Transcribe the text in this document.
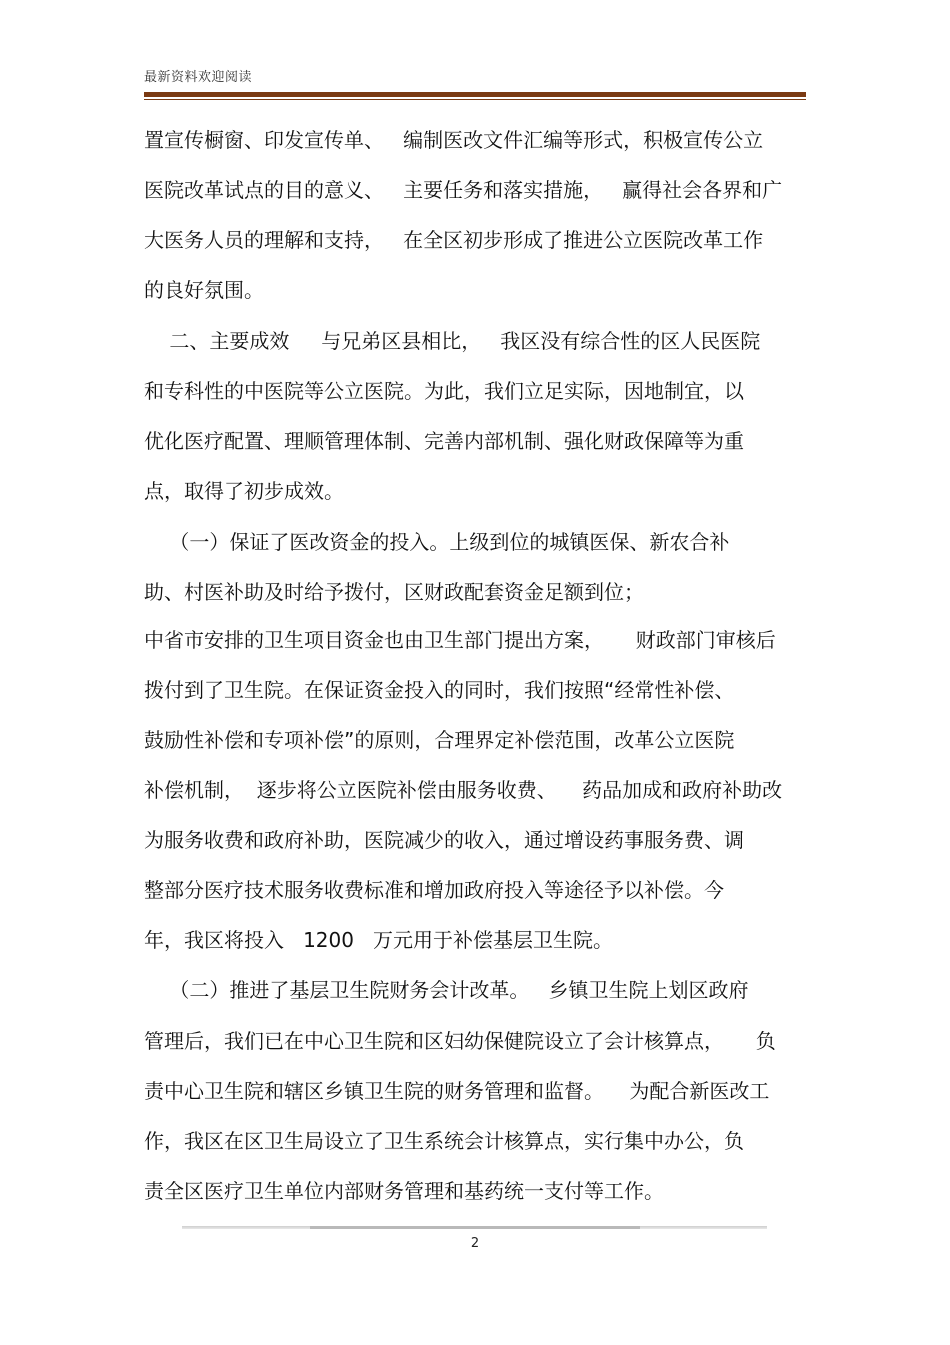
最新资料欢迎阅读
置宣传橱窗、印发宣传单、   编制医改文件汇编等形式，积极宣传公立
医院改革试点的目的意义、   主要任务和落实措施，   赢得社会各界和广
大医务人员的理解和支持，   在全区初步形成了推进公立医院改革工作
的良好氛围。
二、主要成效     与兄弟区县相比，   我区没有综合性的区人民医院
和专科性的中医院等公立医院。为此，我们立足实际，因地制宜，以
优化医疗配置、理顺管理体制、完善内部机制、强化财政保障等为重
点，取得了初步成效。
（一）保证了医改资金的投入。上级到位的城镇医保、新农合补
助、村医补助及时给予拨付，区财政配套资金足额到位；
中省市安排的卫生项目资金也由卫生部门提出方案，     财政部门审核后
拨付到了卫生院。在保证资金投入的同时，我们按照“经常性补偿、
鼓励性补偿和专项补偿”的原则，合理界定补偿范围，改革公立医院
补偿机制，  逐步将公立医院补偿由服务收费、    药品加成和政府补助改
为服务收费和政府补助，医院减少的收入，通过增设药事服务费、调
整部分医疗技术服务收费标准和增加政府投入等途径予以补偿。今
年，我区将投入   1200   万元用于补偿基层卫生院。
（二）推进了基层卫生院财务会计改革。   乡镇卫生院上划区政府
管理后，我们已在中心卫生院和区妇幼保健院设立了会计核算点，     负
责中心卫生院和辖区乡镇卫生院的财务管理和监督。    为配合新医改工
作，我区在区卫生局设立了卫生系统会计核算点，实行集中办公，负
责全区医疗卫生单位内部财务管理和基药统一支付等工作。
2
